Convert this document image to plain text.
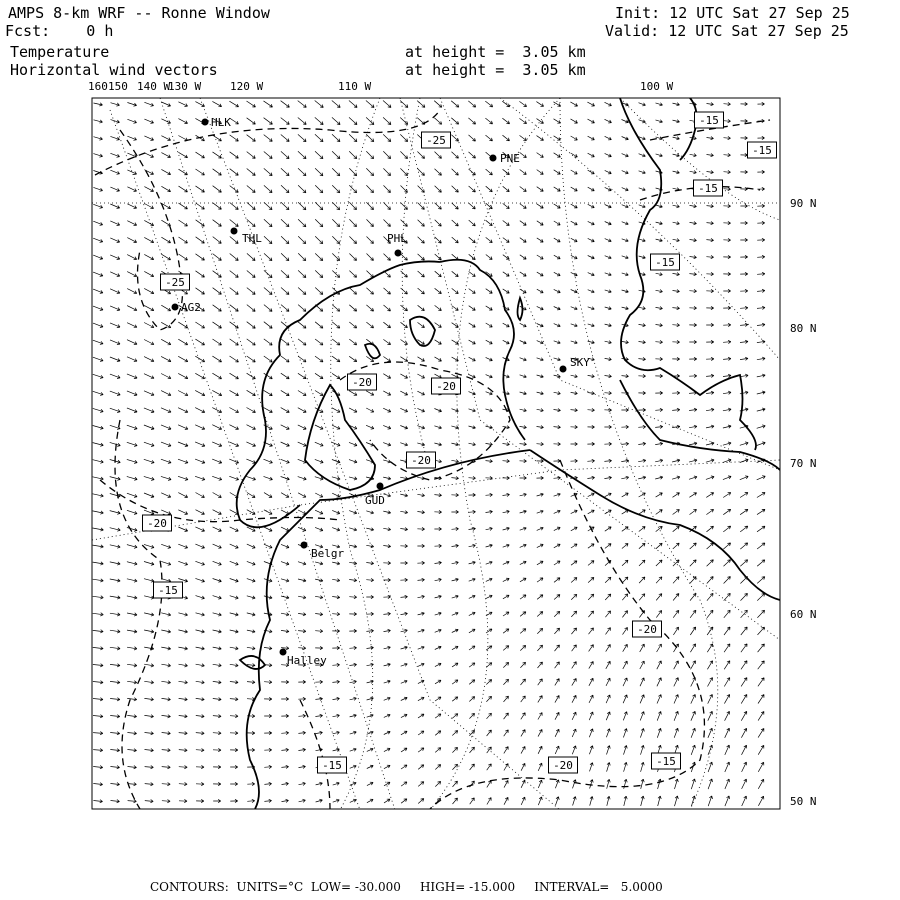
AMPS 8-km WRF -- Ronne Window
Fcst:    0 h
Init: 12 UTC Sat 27 Sep 25
Valid: 12 UTC Sat 27 Sep 25
Temperature
Horizontal wind vectors
at height =  3.05 km
at height =  3.05 km
160 150 140 W
130 W	120 W	110 W	100 W
90 N
80 N
70 N
60 N
50 N
HLK
PNE
THL	PHL
AG2
SKY
GUD
Belgr
Halley
-25
-15
-15
-15
-15
-25
-20	-20
-20
-20
-20
-15
-20	-15
-15
CONTOURS:  UNITS=°C  LOW= -30.000     HIGH= -15.000     INTERVAL=   5.0000
